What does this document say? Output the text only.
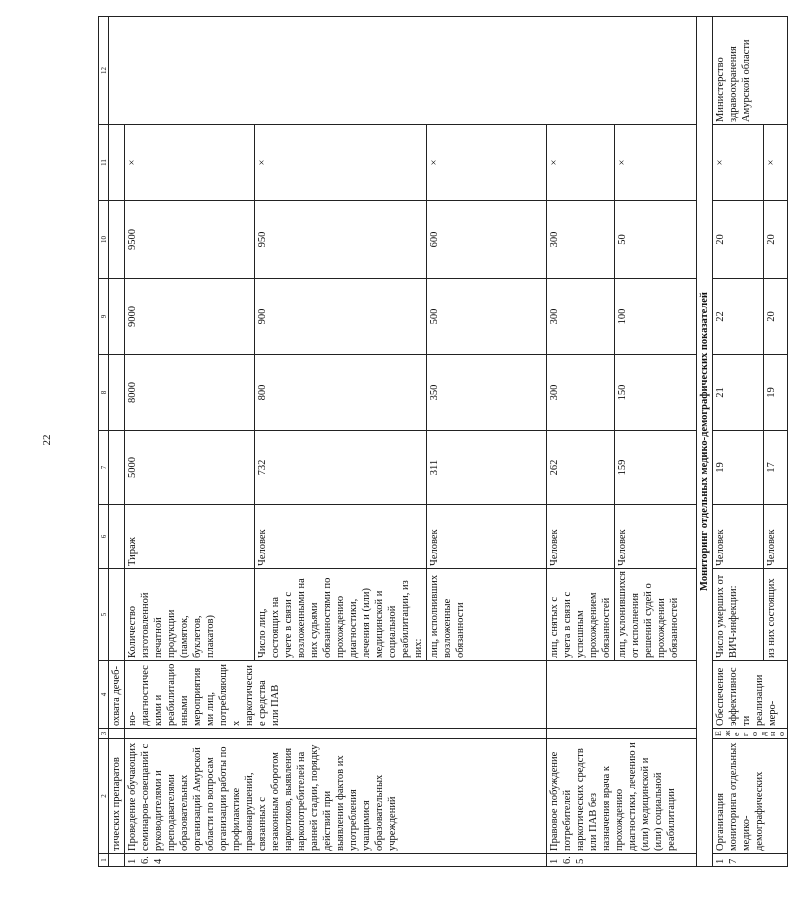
22
1	2	3	4	5	6	7	8	9	10	11	12
	тических препаратов		охвата дечеб-								
16.4	Проведение обучающих семинаров-совещаний с руководителями и преподавателями образовательных организаций Амурской области по вопросам организации работы по профилактике правонарушений, связанных с незаконным оборотом наркотиков, выявления наркопотребителей на ранней стадии, порядку действий при выявлении фактов их употребления учащимися образовательных учреждений		но-диагностическими и реабилитационными мероприятиями лиц, потребляющих наркотические средства или ПАВ	Количество изготовленной печатной продукции (памяток, буклетов, плакатов)	Тираж	5000	8000	9000	9500	×	
				Число лиц, состоящих на учете в связи с возложенными на них судьями обязанностями по прохождению диагностики, лечения и (или) медицинской и социальной реабилитации, из них:	Человек	732	800	900	950	×	
				лиц, исполнивших возложенные обязанности	Человек	311	350	500	600	×	
16.5	Правовое побуждение потребителей наркотических средств или ПАВ без назначения врача к прохождению диагностики, лечению и (или) медицинской и (или) социальной реабилитации			лиц, снятых с учета в связи с успешным прохождением обязанностей	Человек	262	300	300	300	×	
				лиц, уклонившихся от исполнения решений судей о прохождении обязанностей	Человек	159	150	100	50	×	
Мониторинг отдельных медико-демографических показателей											
17	Организация мониторинга отдельных медико-демографических	Ежегодно	Обеспечение эффективности реализации меро-	Число умерших от ВИЧ-инфекции:	Человек	19	21	22	20	×	Министерство здравоохранения Амурской области
				из них состоящих	Человек	17	19	20	20	×	
